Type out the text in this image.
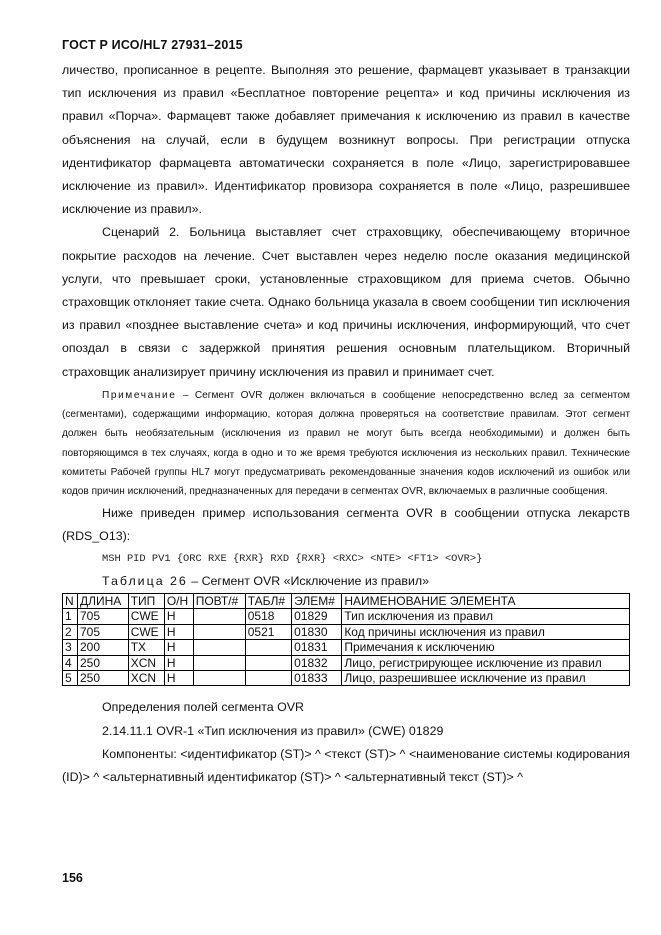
ГОСТ Р ИСО/HL7 27931–2015

личество, прописанное в рецепте. Выполняя это решение, фармацевт указывает в транзакции тип исключения из правил «Бесплатное повторение рецепта» и код причины исключения из правил «Порча». Фармацевт также добавляет примечания к исключению из правил в качестве объяснения на случай, если в будущем возникнут вопросы. При регистрации отпуска идентификатор фармацевта автоматически сохраняется в поле «Лицо, зарегистрировавшее исключение из правил». Идентификатор провизора сохраняется в поле «Лицо, разрешившее исключение из правил».

Сценарий 2. Больница выставляет счет страховщику, обеспечивающему вторичное покрытие расходов на лечение. Счет выставлен через неделю после оказания медицинской услуги, что превышает сроки, установленные страховщиком для приема счетов. Обычно страховщик отклоняет такие счета. Однако больница указала в своем сообщении тип исключения из правил «позднее выставление счета» и код причины исключения, информирующий, что счет опоздал в связи с задержкой принятия решения основным плательщиком. Вторичный страховщик анализирует причину исключения из правил и принимает счет.

Примечание – Сегмент OVR должен включаться в сообщение непосредственно вслед за сегментом (сегментами), содержащими информацию, которая должна проверяться на соответствие правилам. Этот сегмент должен быть необязательным (исключения из правил не могут быть всегда необходимыми) и должен быть повторяющимся в тех случаях, когда в одно и то же время требуются исключения из нескольких правил. Технические комитеты Рабочей группы HL7 могут предусматривать рекомендованные значения кодов исключений из ошибок или кодов причин исключений, предназначенных для передачи в сегментах OVR, включаемых в различные сообщения.

Ниже приведен пример использования сегмента OVR в сообщении отпуска лекарств (RDS_O13):

MSH PID PV1 {ORC RXE {RXR} RXD {RXR} <RXC> <NTE> <FT1> <OVR>}
Таблица 26 – Сегмент OVR «Исключение из правил»
N	ДЛИНА	ТИП	О/Н	ПОВТ/#	ТАБЛ#	ЭЛЕМ#	НАИМЕНОВАНИЕ ЭЛЕМЕНТА
1	705	CWE	Н		0518	01829	Тип исключения из правил
2	705	CWE	Н		0521	01830	Код причины исключения из правил
3	200	TX	Н			01831	Примечания к исключению
4	250	XCN	Н			01832	Лицо, регистрирующее исключение из правил
5	250	XCN	Н			01833	Лицо, разрешившее исключение из правил

Определения полей сегмента OVR

2.14.11.1 OVR-1 «Тип исключения из правил» (CWE) 01829

Компоненты: <идентификатор (ST)> ^ <текст (ST)> ^ <наименование системы кодирования (ID)> ^ <альтернативный идентификатор (ST)> ^ <альтернативный текст (ST)> ^

156
